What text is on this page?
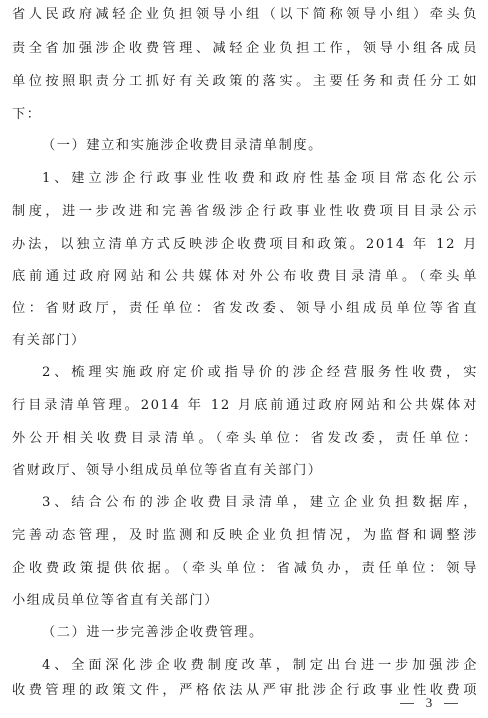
省人民政府减轻企业负担领导小组（以下简称领导小组）牵头负
责全省加强涉企收费管理、减轻企业负担工作，领导小组各成员
单位按照职责分工抓好有关政策的落实。主要任务和责任分工如
下：
（一）建立和实施涉企收费目录清单制度。
1、建立涉企行政事业性收费和政府性基金项目常态化公示
制度，进一步改进和完善省级涉企行政事业性收费项目目录公示
办法，以独立清单方式反映涉企收费项目和政策。2014 年 12 月
底前通过政府网站和公共媒体对外公布收费目录清单。（牵头单
位：省财政厅，责任单位：省发改委、领导小组成员单位等省直
有关部门）
2、梳理实施政府定价或指导价的涉企经营服务性收费，实
行目录清单管理。2014 年 12 月底前通过政府网站和公共媒体对
外公开相关收费目录清单。（牵头单位：省发改委，责任单位：
省财政厅、领导小组成员单位等省直有关部门）
3、结合公布的涉企收费目录清单，建立企业负担数据库，
完善动态管理，及时监测和反映企业负担情况，为监督和调整涉
企收费政策提供依据。（牵头单位：省减负办，责任单位：领导
小组成员单位等省直有关部门）
（二）进一步完善涉企收费管理。
4、全面深化涉企收费制度改革，制定出台进一步加强涉企
收费管理的政策文件，严格依法从严审批涉企行政事业性收费项
3
